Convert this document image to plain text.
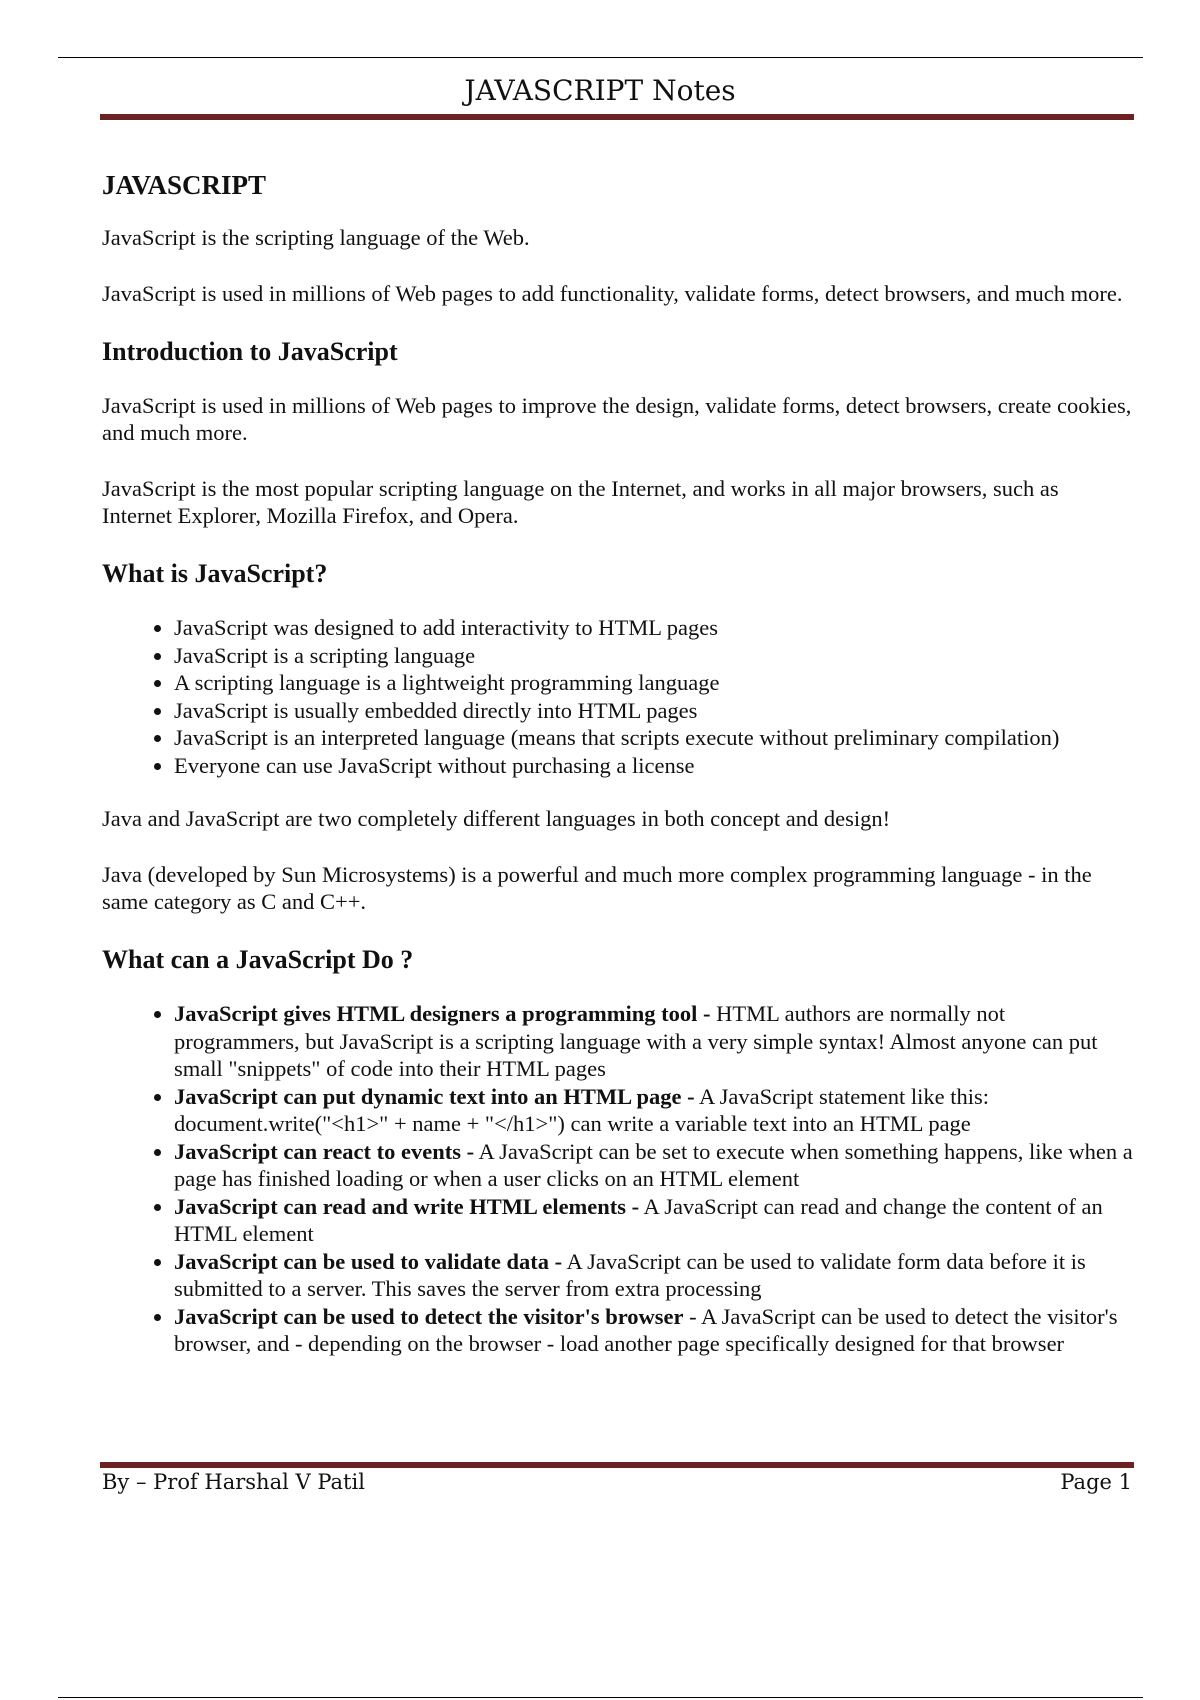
JAVASCRIPT Notes
JAVASCRIPT

JavaScript is the scripting language of the Web.

JavaScript is used in millions of Web pages to add functionality, validate forms, detect browsers, and much more.

Introduction to JavaScript

JavaScript is used in millions of Web pages to improve the design, validate forms, detect browsers, create cookies, and much more.

JavaScript is the most popular scripting language on the Internet, and works in all major browsers, such as Internet Explorer, Mozilla Firefox, and Opera.

What is JavaScript?
• JavaScript was designed to add interactivity to HTML pages
• JavaScript is a scripting language
• A scripting language is a lightweight programming language
• JavaScript is usually embedded directly into HTML pages
• JavaScript is an interpreted language (means that scripts execute without preliminary compilation)
• Everyone can use JavaScript without purchasing a license

Java and JavaScript are two completely different languages in both concept and design!

Java (developed by Sun Microsystems) is a powerful and much more complex programming language - in the same category as C and C++.

What can a JavaScript Do ?
• JavaScript gives HTML designers a programming tool - HTML authors are normally not programmers, but JavaScript is a scripting language with a very simple syntax! Almost anyone can put small "snippets" of code into their HTML pages
• JavaScript can put dynamic text into an HTML page - A JavaScript statement like this: document.write("<h1>" + name + "</h1>") can write a variable text into an HTML page
• JavaScript can react to events - A JavaScript can be set to execute when something happens, like when a page has finished loading or when a user clicks on an HTML element
• JavaScript can read and write HTML elements - A JavaScript can read and change the content of an HTML element
• JavaScript can be used to validate data - A JavaScript can be used to validate form data before it is submitted to a server. This saves the server from extra processing
• JavaScript can be used to detect the visitor's browser - A JavaScript can be used to detect the visitor's browser, and - depending on the browser - load another page specifically designed for that browser
By – Prof Harshal V Patil	Page 1
